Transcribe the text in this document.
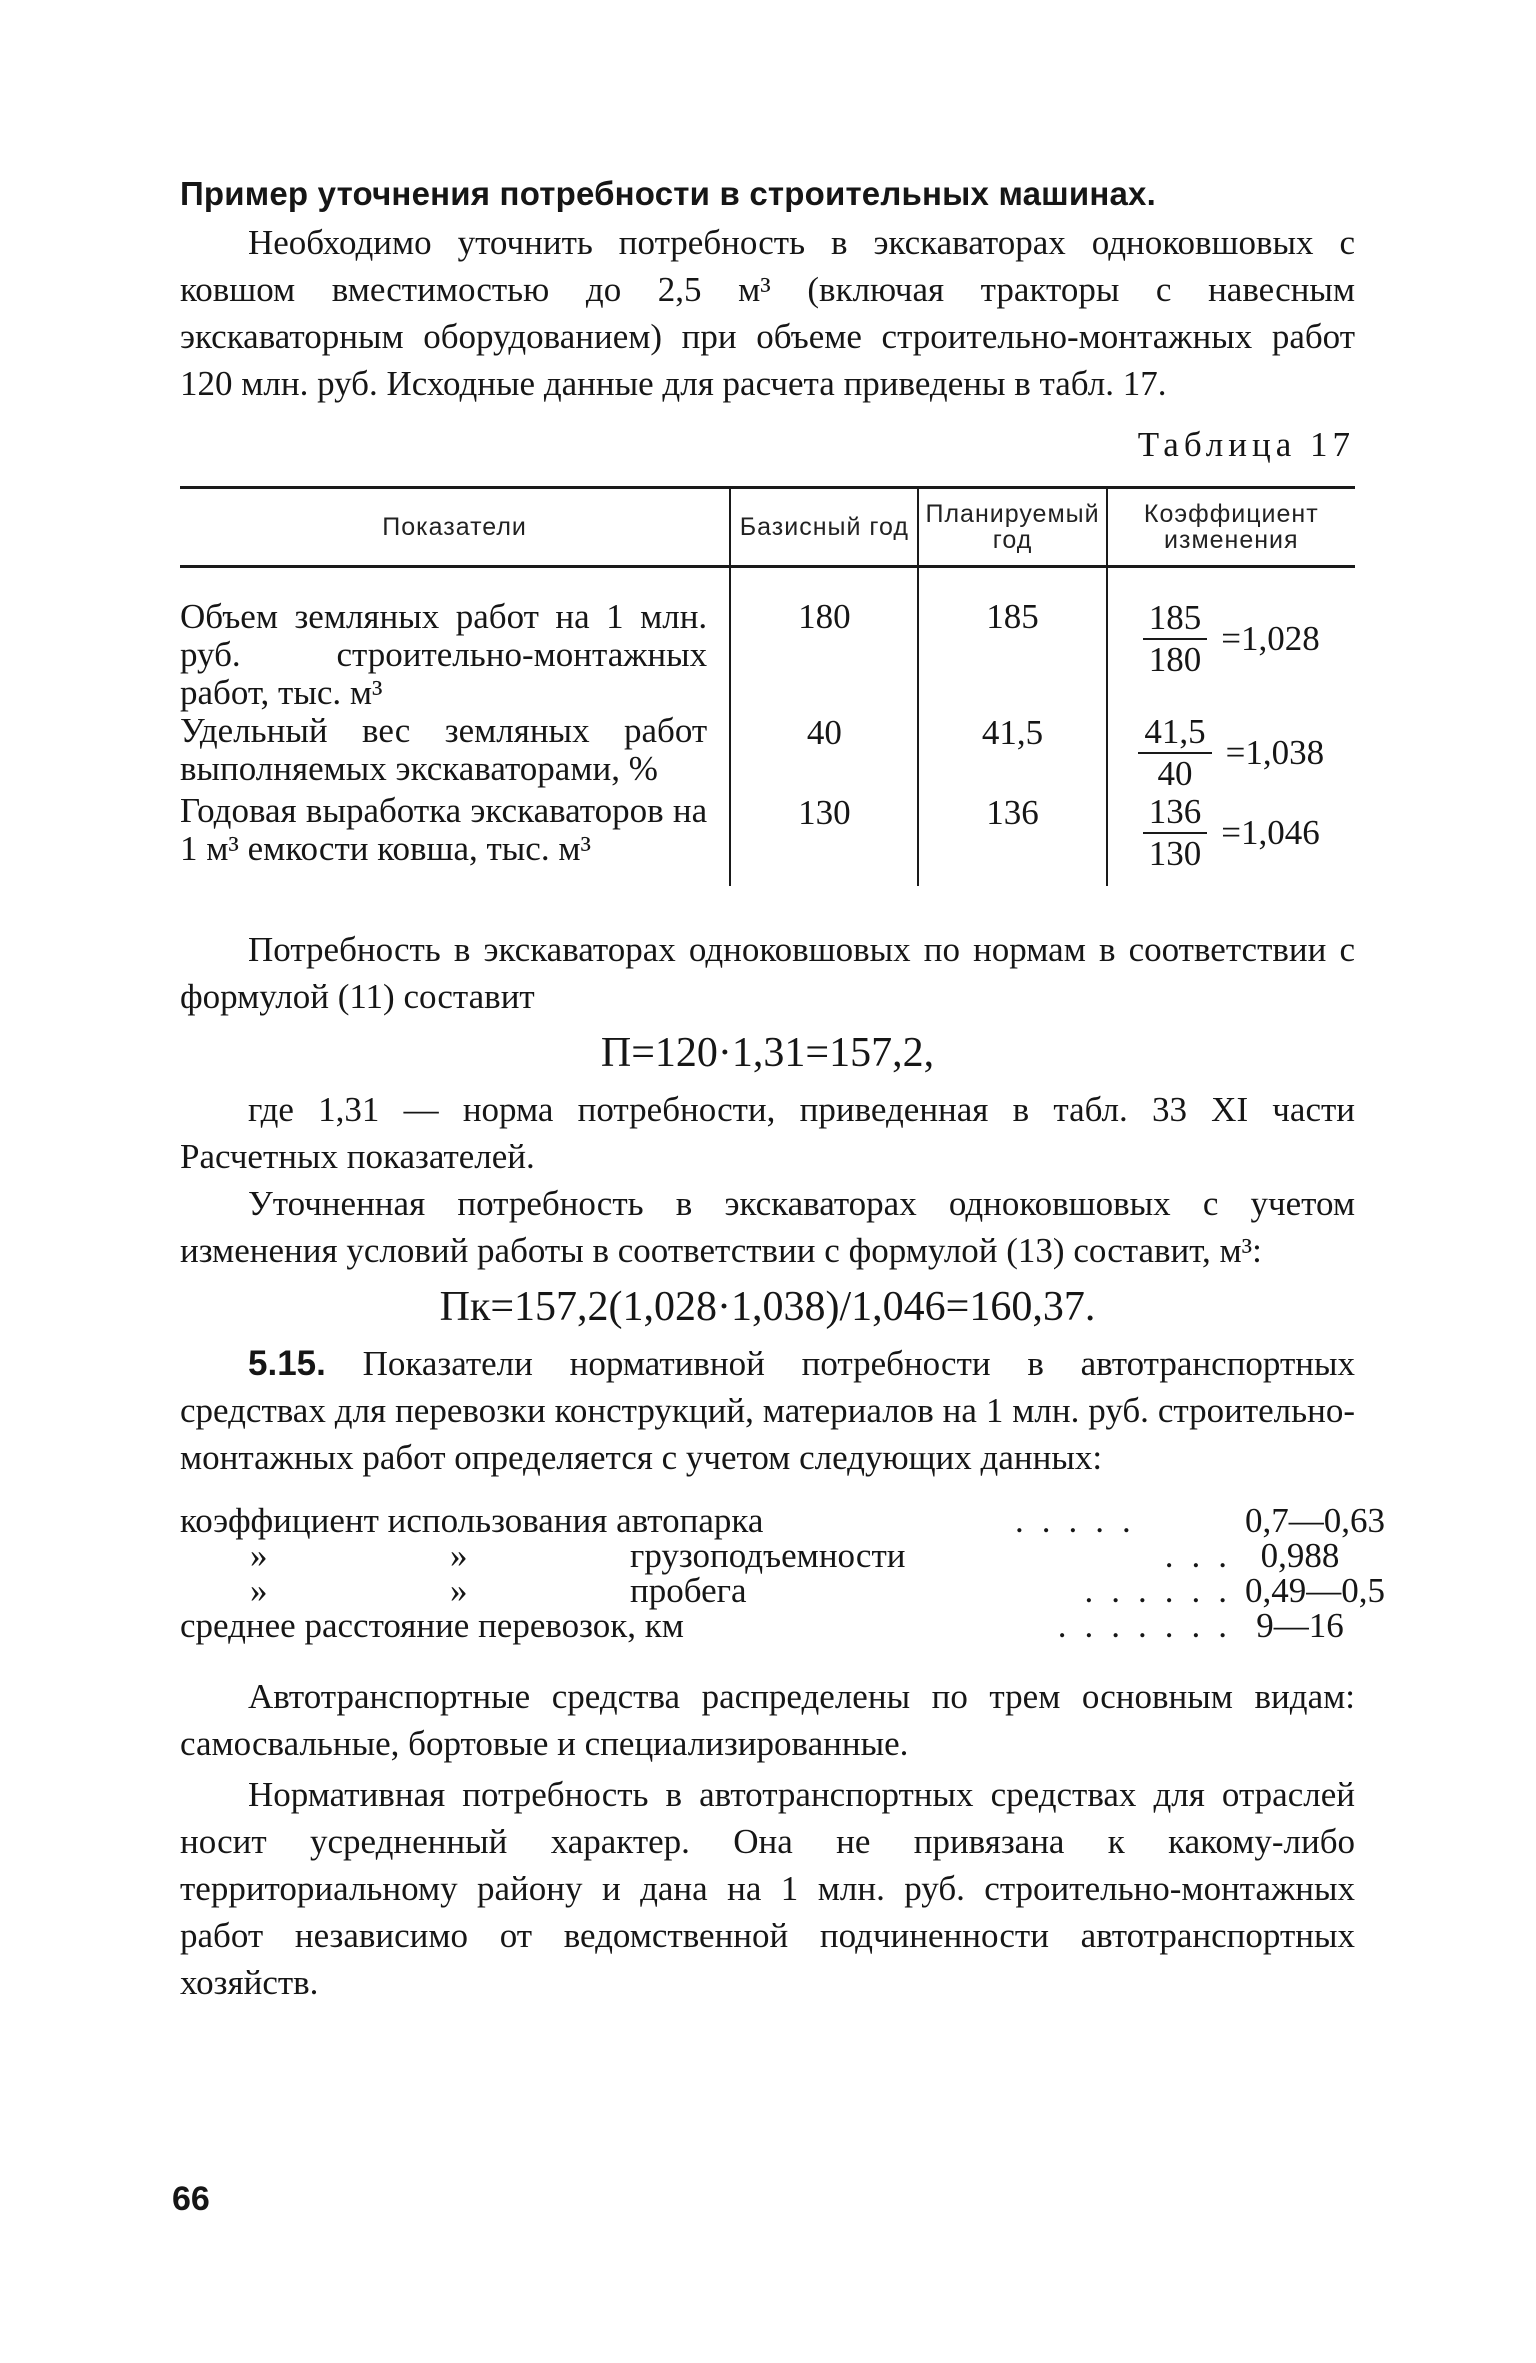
Пример уточнения потребности в строительных машинах.

Необходимо уточнить потребность в экскаваторах одноковшовых с ковшом вместимостью до 2,5 м³ (включая тракторы с навесным экскаваторным оборудованием) при объеме строительно-монтажных работ 120 млн. руб. Исходные данные для расчета приведены в табл. 17.

Таблица 17
Показатели	Базисный год	Планируемый год	Коэффициент изменения
Объем земляных работ на 1 млн. руб. строительно-монтажных работ, тыс. м³	180	185	$\frac{185}{180} =1,028$

Удельный вес земляных работ выполняемых экскаваторами, %	40	41,5	$\frac{41,5}{40} =1,038$

Годовая выработка экскаваторов на 1 м³ емкости ковша, тыс. м³	130	136	$\frac{136}{130} =1,046$

Потребность в экскаваторах одноковшовых по нормам в соответствии с формулой (11) составит

П=120·1,31=157,2,

где 1,31 — норма потребности, приведенная в табл. 33 XI части Расчетных показателей.

Уточненная потребность в экскаваторах одноковшовых с учетом изменения условий работы в соответствии с формулой (13) составит, м³:

Пк=157,2(1,028·1,038)/1,046=160,37.

5.15. Показатели нормативной потребности в автотранспортных средствах для перевозки конструкций, материалов на 1 млн. руб. строительно-монтажных работ определяется с учетом следующих данных:

коэффициент использования автопарка	.....	0,7—0,63
»	»	грузоподъемности	... 0,988
»	»	пробега	...... 0,49—0,5
среднее расстояние перевозок, км	....... 9—16

Автотранспортные средства распределены по трем основным видам: самосвальные, бортовые и специализированные.

Нормативная потребность в автотранспортных средствах для отраслей носит усредненный характер. Она не привязана к какому-либо территориальному району и дана на 1 млн. руб. строительно-монтажных работ независимо от ведомственной подчиненности автотранспортных хозяйств.

66
